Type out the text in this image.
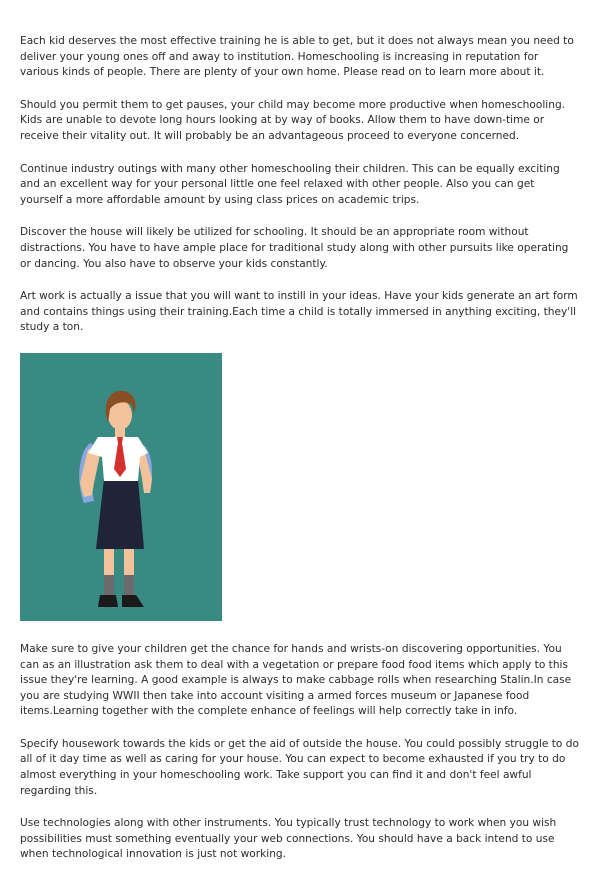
Each kid deserves the most effective training he is able to get, but it does not always mean you need to deliver your young ones off and away to institution. Homeschooling is increasing in reputation for various kinds of people. There are plenty of your own home. Please read on to learn more about it.

Should you permit them to get pauses, your child may become more productive when homeschooling. Kids are unable to devote long hours looking at by way of books. Allow them to have down-time or receive their vitality out. It will probably be an advantageous proceed to everyone concerned.

Continue industry outings with many other homeschooling their children. This can be equally exciting and an excellent way for your personal little one feel relaxed with other people. Also you can get yourself a more affordable amount by using class prices on academic trips.

Discover the house will likely be utilized for schooling. It should be an appropriate room without distractions. You have to have ample place for traditional study along with other pursuits like operating or dancing. You also have to observe your kids constantly.

Art work is actually a issue that you will want to instill in your ideas. Have your kids generate an art form and contains things using their training.Each time a child is totally immersed in anything exciting, they'll study a ton.

Make sure to give your children get the chance for hands and wrists-on discovering opportunities. You can as an illustration ask them to deal with a vegetation or prepare food food items which apply to this issue they're learning. A good example is always to make cabbage rolls when researching Stalin.In case you are studying WWII then take into account visiting a armed forces museum or Japanese food items.Learning together with the complete enhance of feelings will help correctly take in info.

Specify housework towards the kids or get the aid of outside the house. You could possibly struggle to do all of it day time as well as caring for your house. You can expect to become exhausted if you try to do almost everything in your homeschooling work. Take support you can find it and don't feel awful regarding this.

Use technologies along with other instruments. You typically trust technology to work when you wish possibilities must something eventually your web connections. You should have a back intend to use when technological innovation is just not working.
